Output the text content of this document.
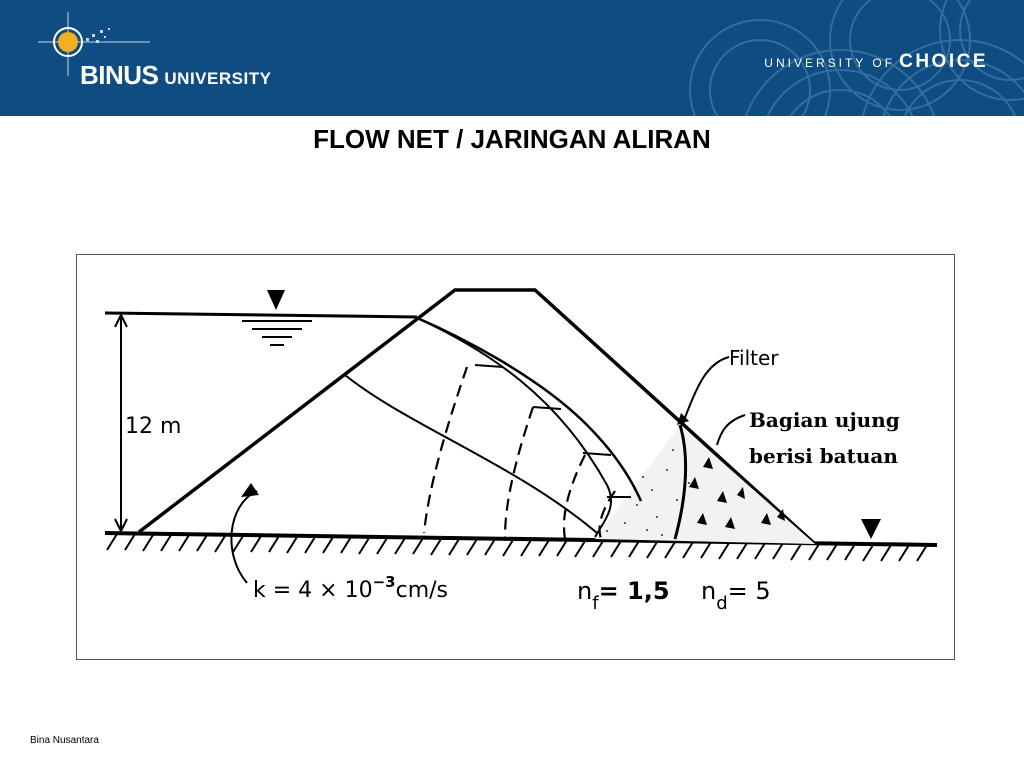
BINUS UNIVERSITY
UNIVERSITY OF CHOICE
FLOW NET / JARINGAN ALIRAN
12 m
Filter
Bagian ujung
berisi batuan
$k = 4 \times 10^{-3}cm/s$	$n_f= 1,5$ $n_d= 5$
Bina Nusantara
